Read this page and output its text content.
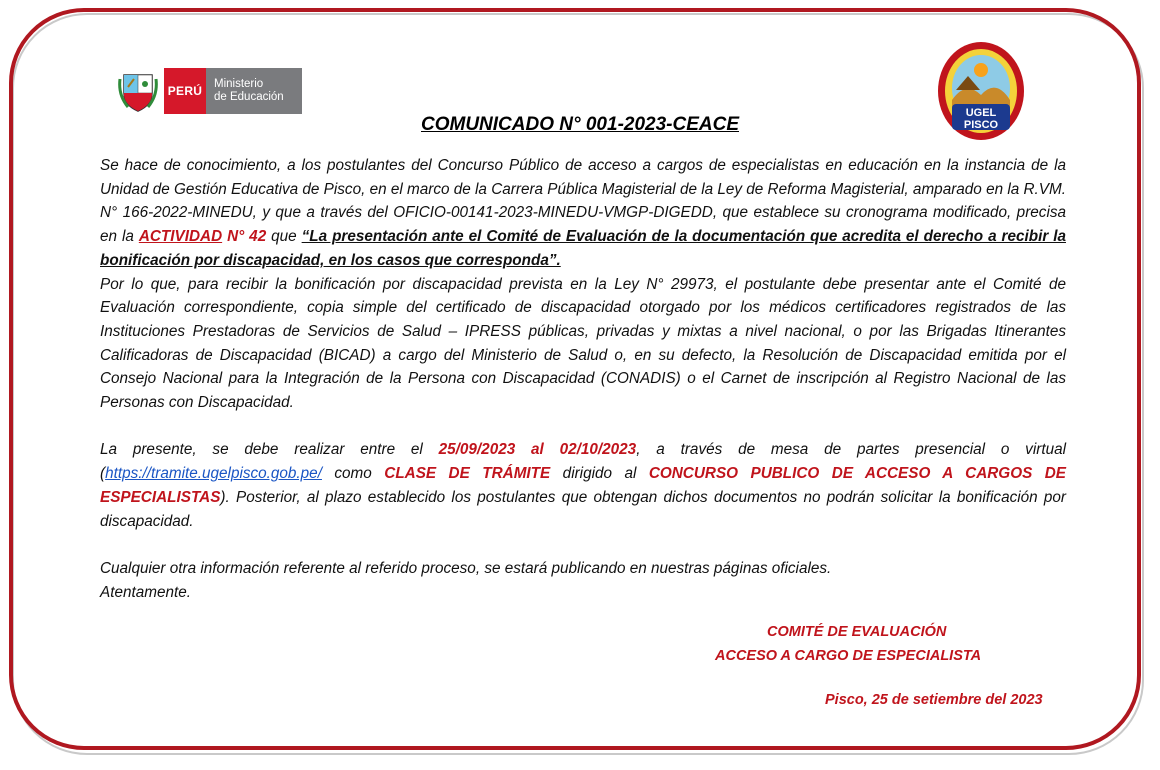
PERÚ	Ministerio
de Educación
UGEL
PISCO
COMUNICADO N° 001-2023-CEACE

Se hace de conocimiento, a los postulantes del Concurso Público de acceso a cargos de especialistas en educación en la instancia de la Unidad de Gestión Educativa de Pisco, en el marco de la Carrera Pública Magisterial de la Ley de Reforma Magisterial, amparado en la R.VM. N° 166-2022-MINEDU, y que a través del OFICIO-00141-2023-MINEDU-VMGP-DIGEDD, que establece su cronograma modificado, precisa en la ACTIVIDAD N° 42 que “La presentación ante el Comité de Evaluación de la documentación que acredita el derecho a recibir la bonificación por discapacidad, en los casos que corresponda”.
Por lo que, para recibir la bonificación por discapacidad prevista en la Ley N° 29973, el postulante debe presentar ante el Comité de Evaluación correspondiente, copia simple del certificado de discapacidad otorgado por los médicos certificadores registrados de las Instituciones Prestadoras de Servicios de Salud – IPRESS públicas, privadas y mixtas a nivel nacional, o por las Brigadas Itinerantes Calificadoras de Discapacidad (BICAD) a cargo del Ministerio de Salud o, en su defecto, la Resolución de Discapacidad emitida por el Consejo Nacional para la Integración de la Persona con Discapacidad (CONADIS) o el Carnet de inscripción al Registro Nacional de las Personas con Discapacidad.

La presente, se debe realizar entre el 25/09/2023 al 02/10/2023, a través de mesa de partes presencial o virtual (https://tramite.ugelpisco.gob.pe/ como CLASE DE TRÁMITE dirigido al CONCURSO PUBLICO DE ACCESO A CARGOS DE ESPECIALISTAS). Posterior, al plazo establecido los postulantes que obtengan dichos documentos no podrán solicitar la bonificación por discapacidad.

Cualquier otra información referente al referido proceso, se estará publicando en nuestras páginas oficiales.
Atentamente.

COMITÉ DE EVALUACIÓN
ACCESO A CARGO DE ESPECIALISTA
Pisco, 25 de setiembre del 2023
